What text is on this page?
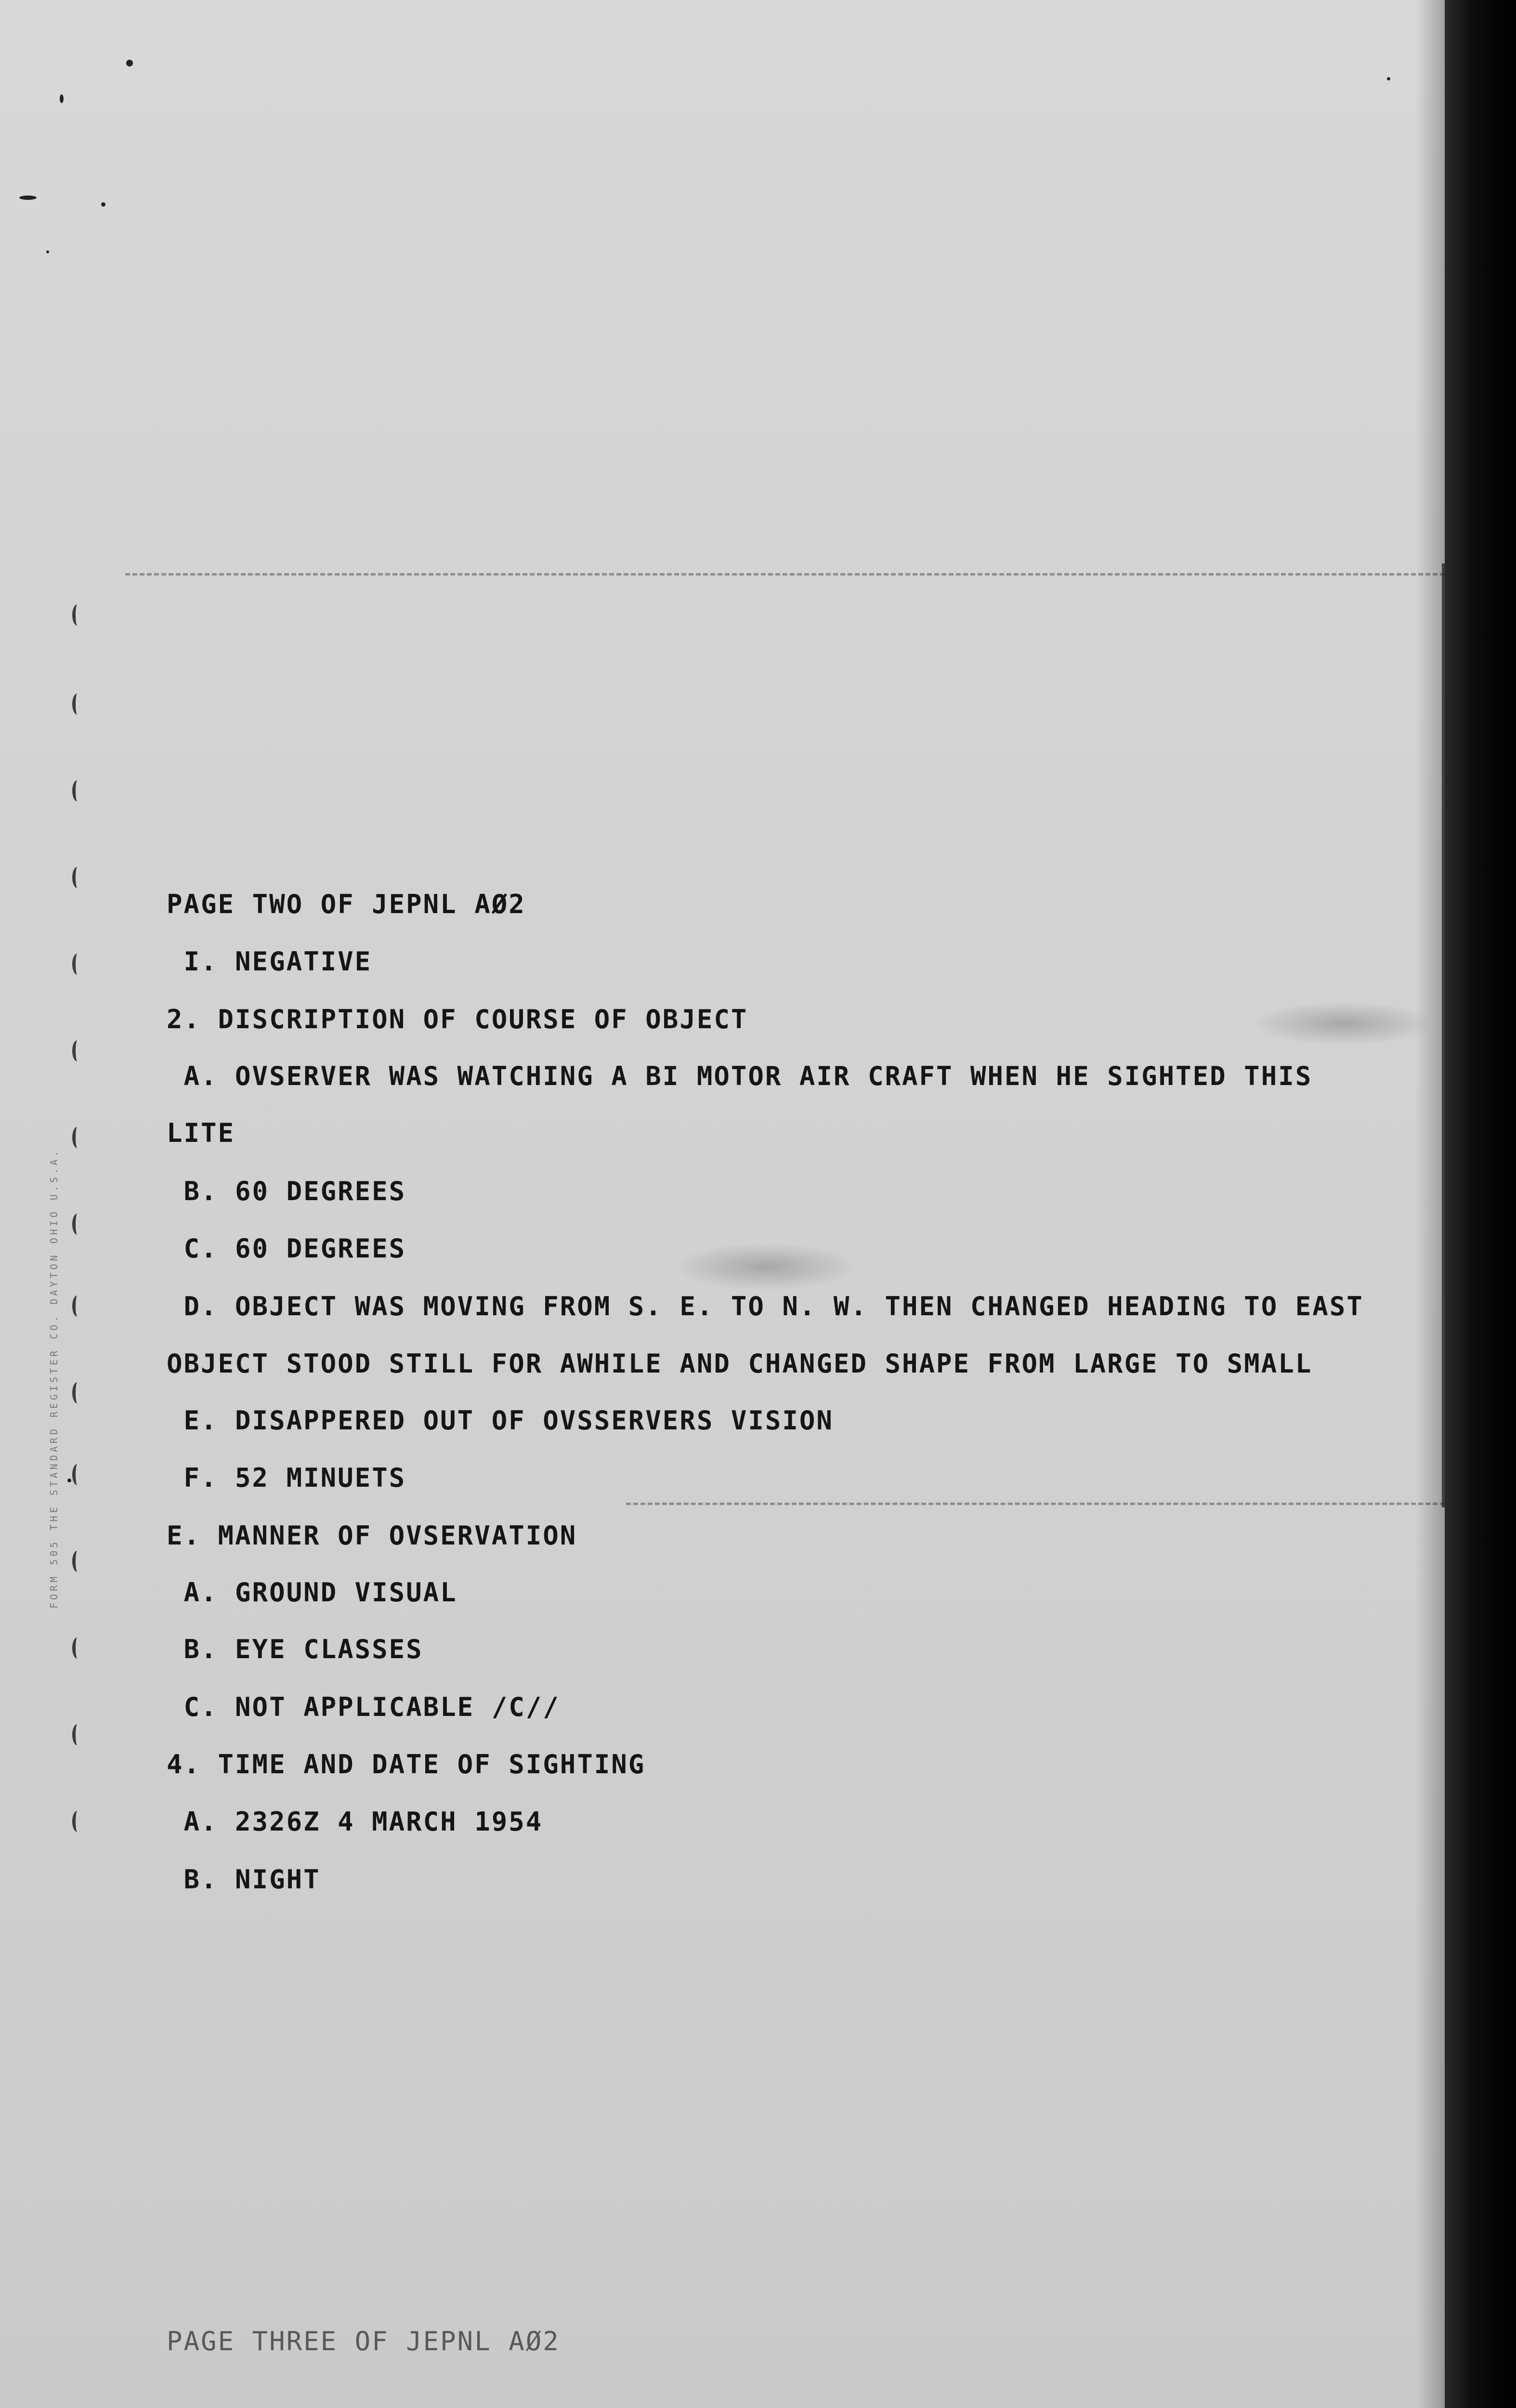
FORM 505 THE STANDARD REGISTER CO. DAYTON OHIO U.S.A.
PAGE TWO OF JEPNL AØ2
I. NEGATIVE
2. DISCRIPTION OF COURSE OF OBJECT
A. OVSERVER WAS WATCHING A BI MOTOR AIR CRAFT WHEN HE SIGHTED THIS
LITE
B. 60 DEGREES
C. 60 DEGREES
D. OBJECT WAS MOVING FROM S. E. TO N. W. THEN CHANGED HEADING TO EAST
OBJECT STOOD STILL FOR AWHILE AND CHANGED SHAPE FROM LARGE TO SMALL
E. DISAPPERED OUT OF OVSSERVERS VISION
F. 52 MINUETS
E. MANNER OF OVSERVATION
A. GROUND VISUAL
B. EYE CLASSES
C. NOT APPLICABLE /C//
4. TIME AND DATE OF SIGHTING
A. 2326Z 4 MARCH 1954
B. NIGHT
PAGE THREE OF JEPNL AØ2
